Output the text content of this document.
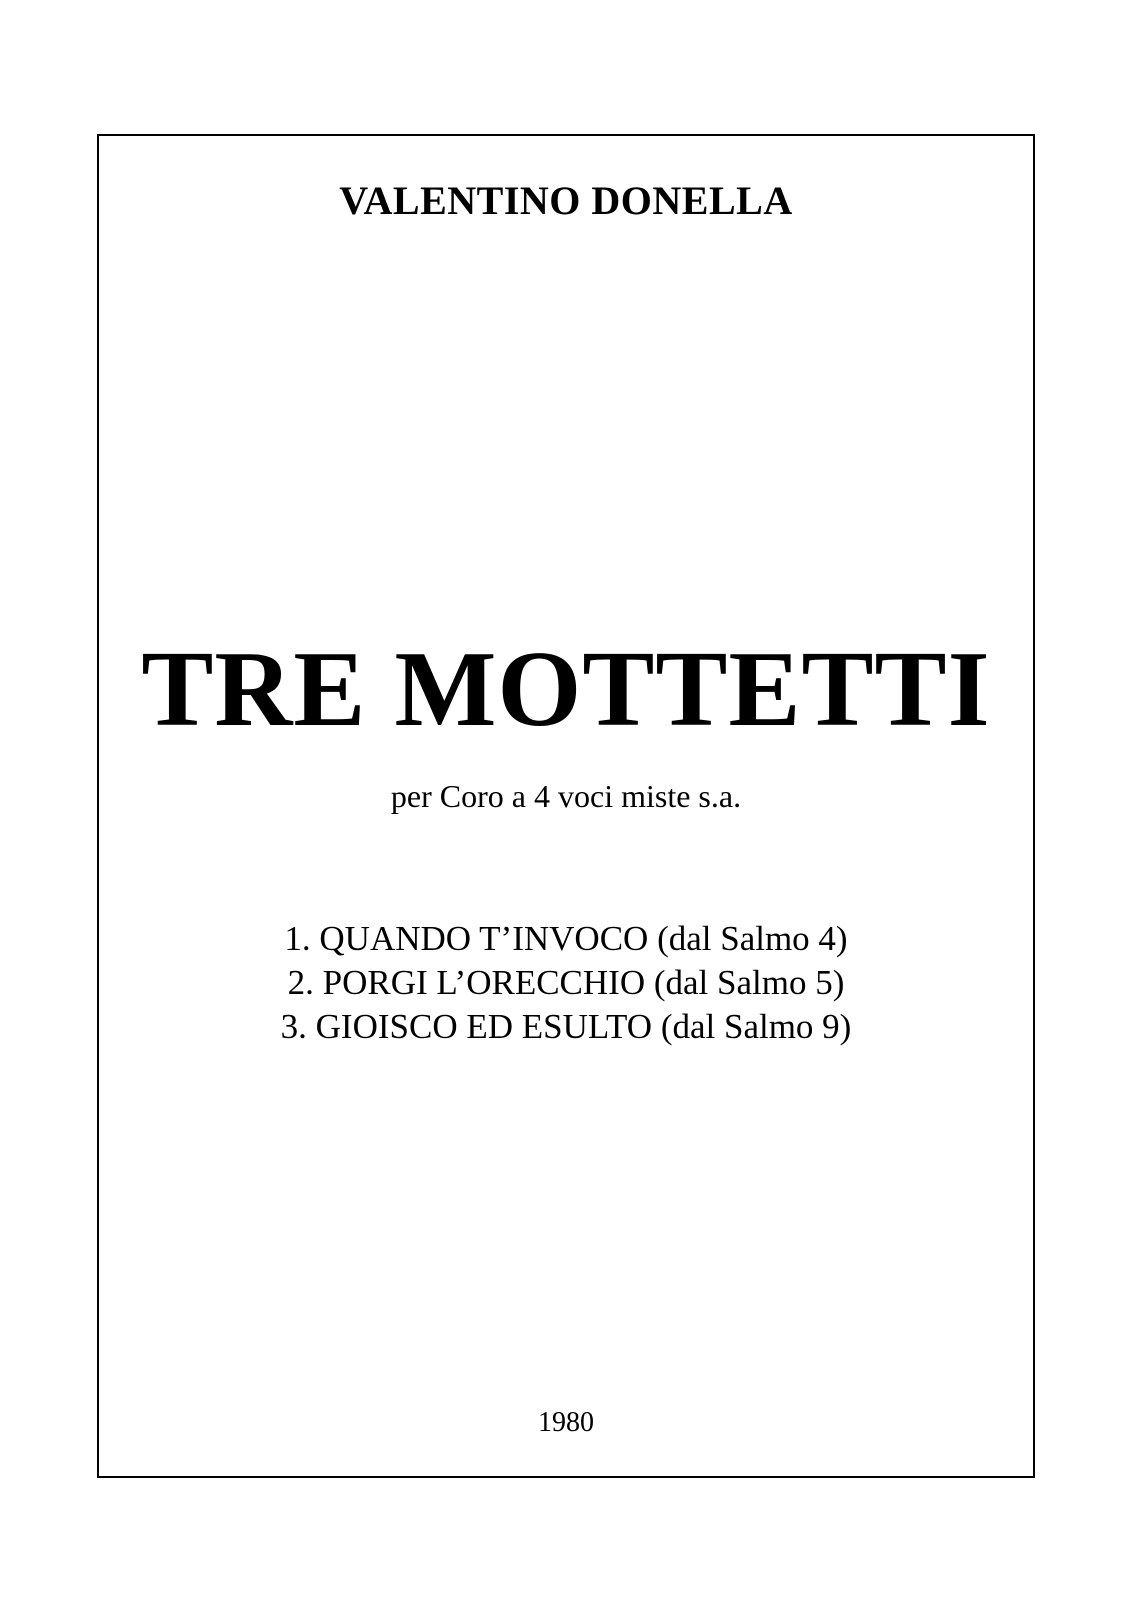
VALENTINO DONELLA
TRE MOTTETTI
per Coro a 4 voci miste s.a.
1. QUANDO T’INVOCO (dal Salmo 4)
2. PORGI L’ORECCHIO (dal Salmo 5)
3. GIOISCO ED ESULTO (dal Salmo 9)
1980
